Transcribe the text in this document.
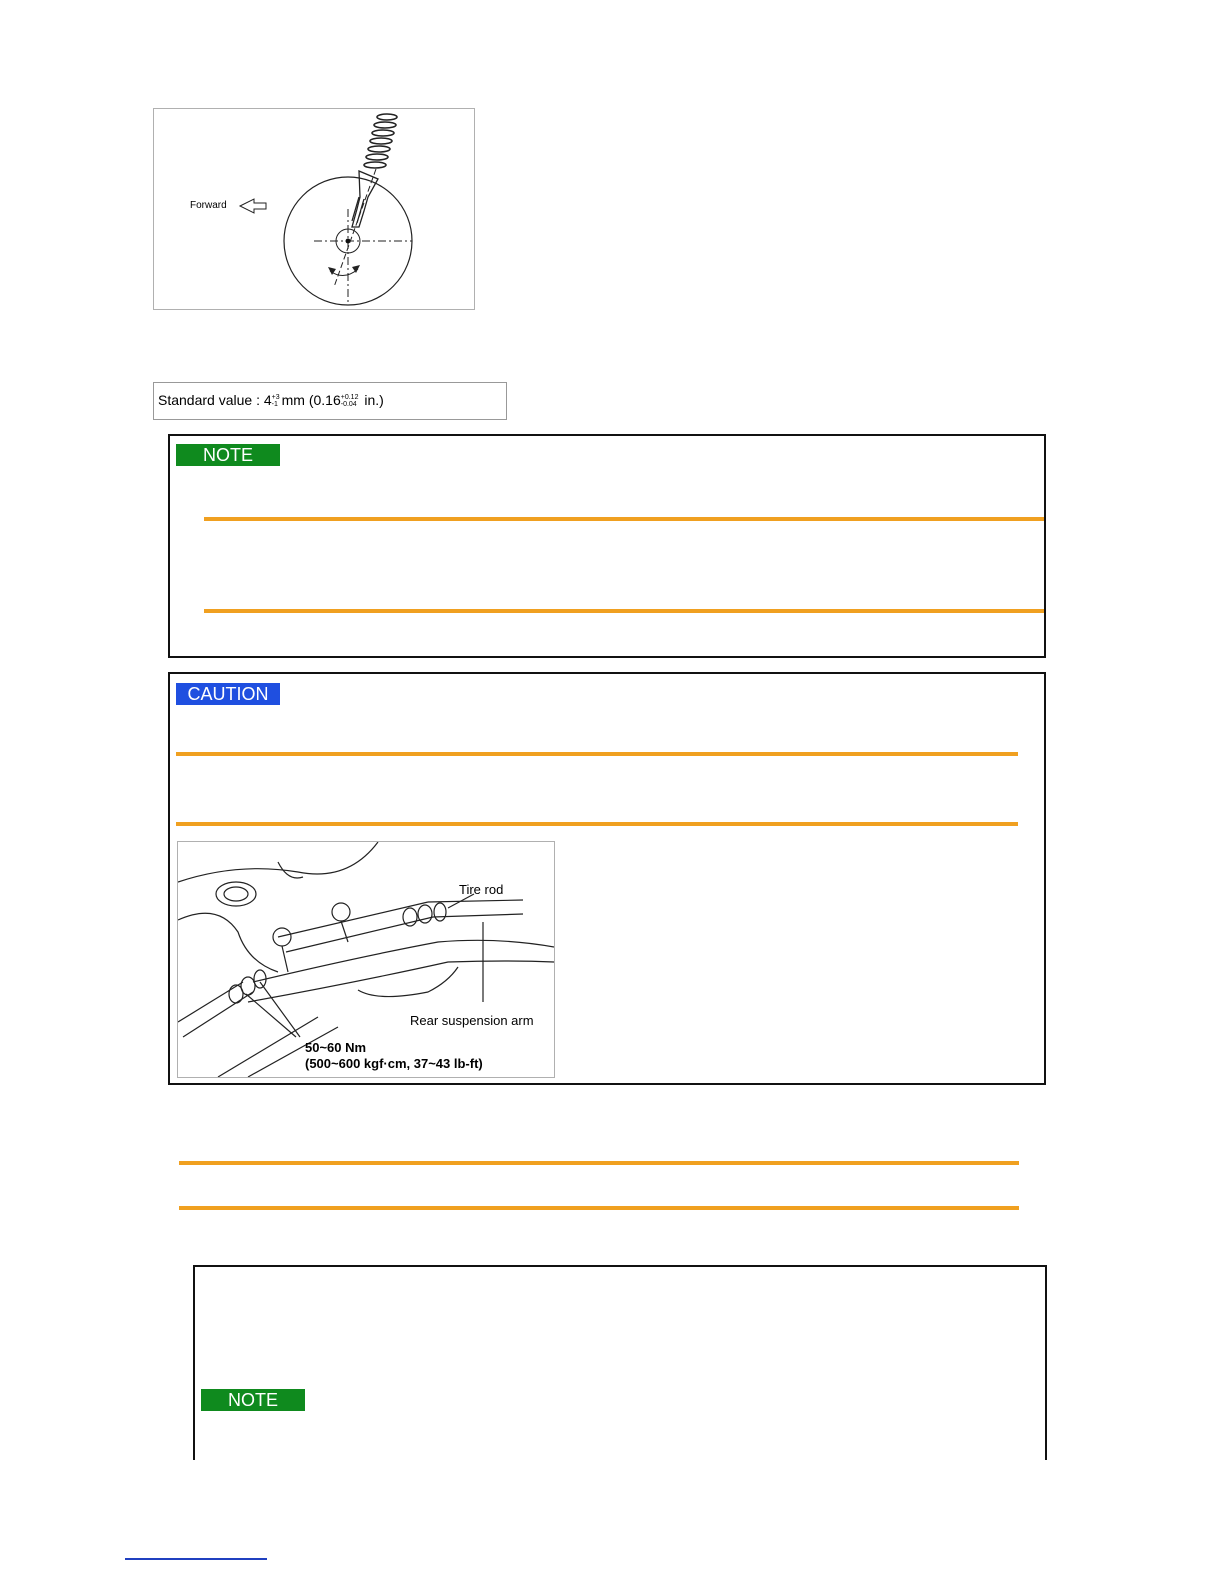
Forward
Standard value : 4+3
-1 mm (0.16+0.12
-0.04 in.)
NOTE
CAUTION
Tire rod
Rear suspension arm
50~60 Nm
(500~600 kgf·cm, 37~43 lb-ft)
NOTE
